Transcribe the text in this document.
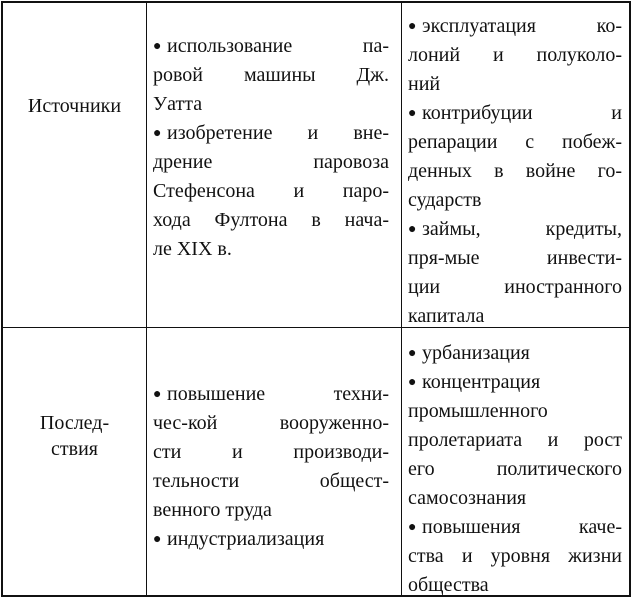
Источники
● использование па-
ровой машины Дж.
Уатта
● изобретение и вне-
дрение паровоза
Стефенсона и паро-
хода Фултона в нача-
ле XIX в.
● эксплуатация ко-
лоний и полуколо-
ний
● контрибуции и
репарации с побеж-
денных в войне го-
сударств
● займы, кредиты,
пря-мые инвести-
ции иностранного
капитала
Послед-
ствия
● повышение техни-
чес-кой вооруженно-
сти и производи-
тельности общест-
венного труда
● индустриализация
● урбанизация
● концентрация
промышленного
пролетариата и рост
его политического
самосознания
● повышения каче-
ства и уровня жизни
общества
